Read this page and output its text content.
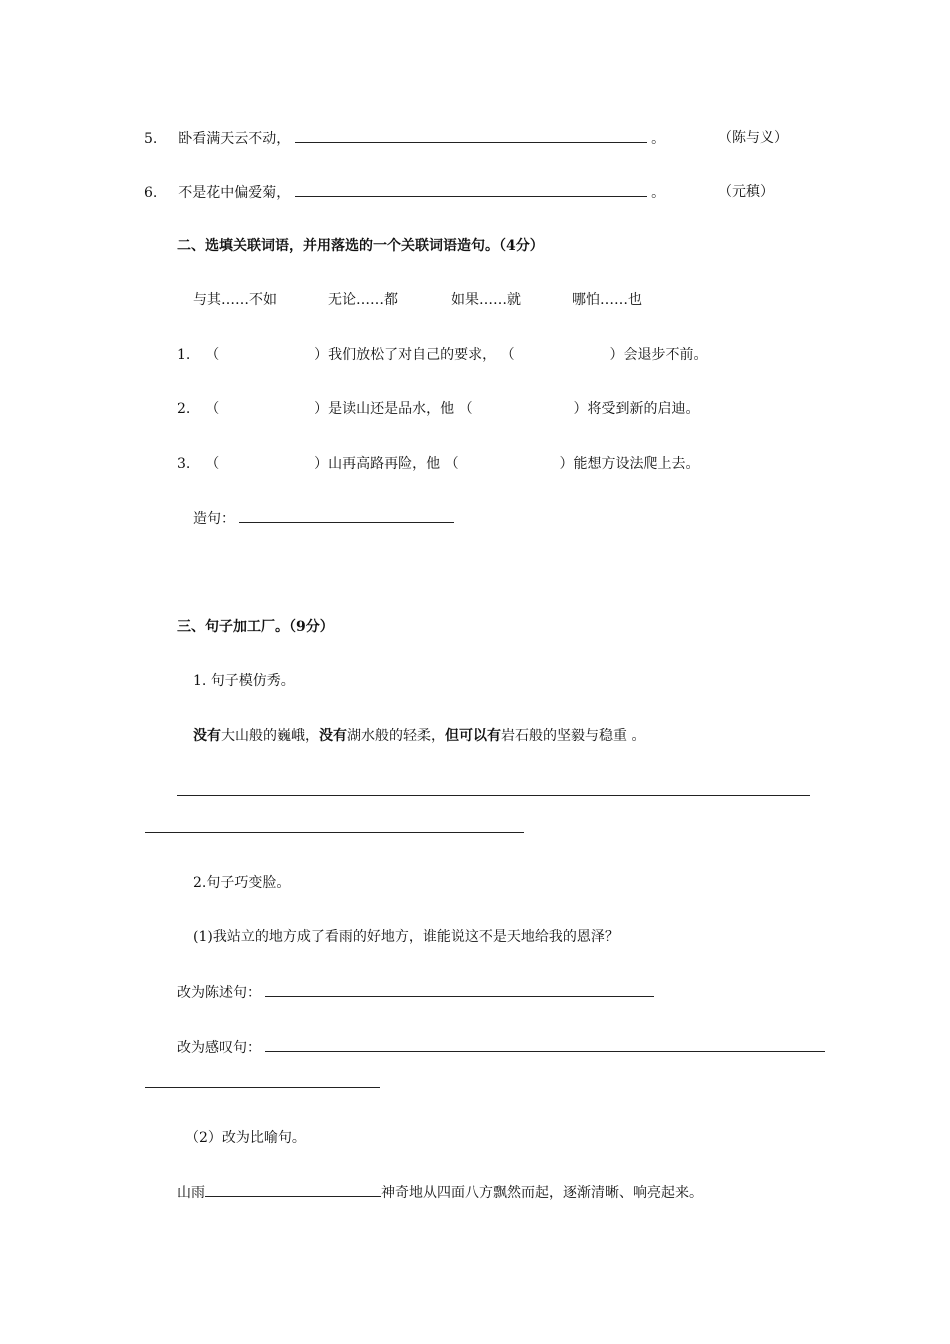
5. 卧看满天云不动，	。	（陈与义）
6. 不是花中偏爱菊，	。	（元稹）
二、选填关联词语，并用落选的一个关联词语造句。（4分）
与其……不如	无论……都	如果……就	哪怕……也
1. （	）我们放松了对自己的要求， （	）会退步不前。
2. （	）是读山还是品水，他 （	）将受到新的启迪。
3. （	）山再高路再险，他 （	）能想方设法爬上去。
造句：
三、句子加工厂。（9分）
1. 句子模仿秀。
没有大山般的巍峨，没有湖水般的轻柔，但可以有岩石般的坚毅与稳重 。
2.句子巧变脸。
(1)我站立的地方成了看雨的好地方，谁能说这不是天地给我的恩泽？
改为陈述句：
改为感叹句：
（2）改为比喻句。
山雨	神奇地从四面八方飘然而起，逐渐清晰、响亮起来。
